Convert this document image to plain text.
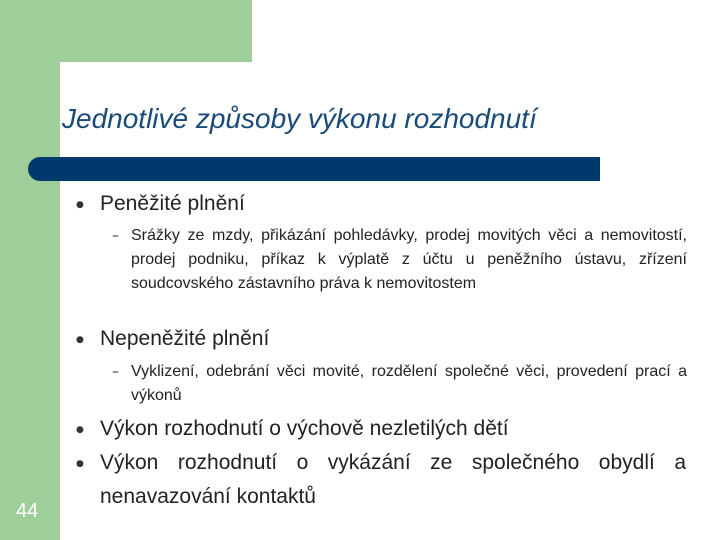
Jednotlivé způsoby výkonu rozhodnutí
● Peněžité plnění

– Srážky ze mzdy, přikázání pohledávky, prodej movitých věci a nemovitostí, prodej podniku, příkaz k výplatě z účtu u peněžního ústavu, zřízení soudcovského zástavního práva k nemovitostem

● Nepeněžité plnění

– Vyklizení, odebrání věci movité, rozdělení společné věci, provedení prací a výkonů

● Výkon rozhodnutí o výchově nezletilých dětí

● Výkon rozhodnutí o vykázání ze společného obydlí a nenavazování kontaktů

44
